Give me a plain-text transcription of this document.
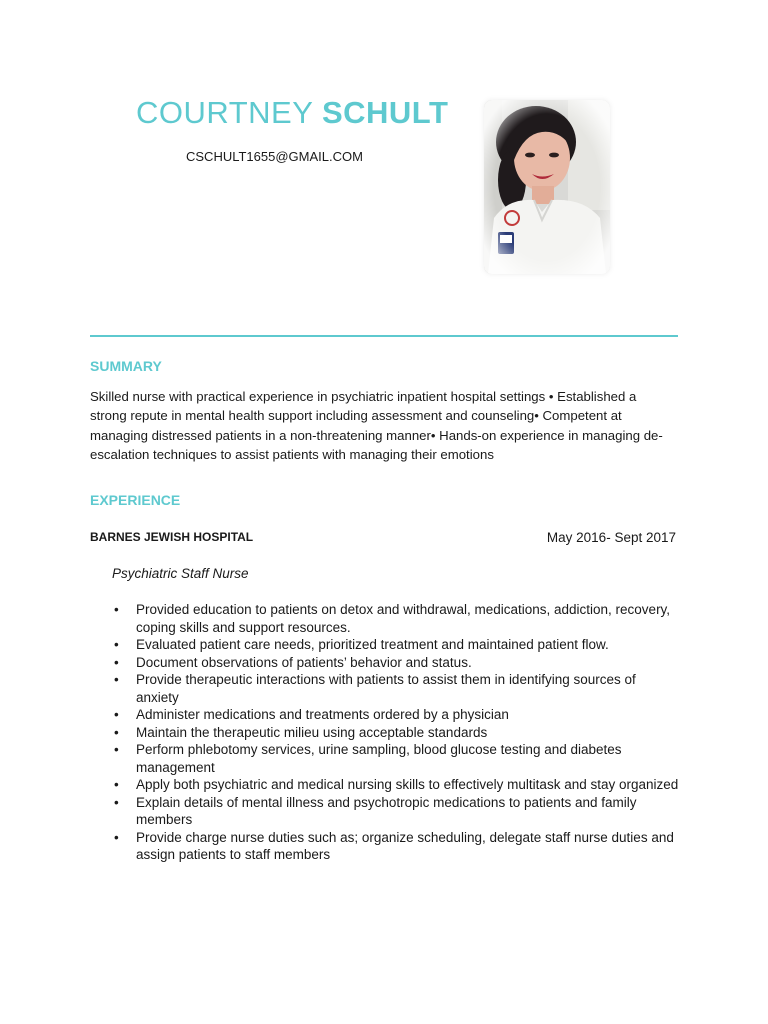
COURTNEY SCHULT
CSCHULT1655@GMAIL.COM
SUMMARY
Skilled nurse with practical experience in psychiatric inpatient hospital settings • Established a strong repute in mental health support including assessment and counseling• Competent at managing distressed patients in a non-threatening manner• Hands-on experience in managing de-escalation techniques to assist patients with managing their emotions
EXPERIENCE
BARNES JEWISH HOSPITAL	May 2016- Sept 2017
Psychiatric Staff Nurse
• Provided education to patients on detox and withdrawal, medications, addiction, recovery, coping skills and support resources.
• Evaluated patient care needs, prioritized treatment and maintained patient flow.
• Document observations of patients’ behavior and status.
• Provide therapeutic interactions with patients to assist them in identifying sources of anxiety
• Administer medications and treatments ordered by a physician
• Maintain the therapeutic milieu using acceptable standards
• Perform phlebotomy services, urine sampling, blood glucose testing and diabetes management
• Apply both psychiatric and medical nursing skills to effectively multitask and stay organized
• Explain details of mental illness and psychotropic medications to patients and family members
• Provide charge nurse duties such as; organize scheduling, delegate staff nurse duties and assign patients to staff members
